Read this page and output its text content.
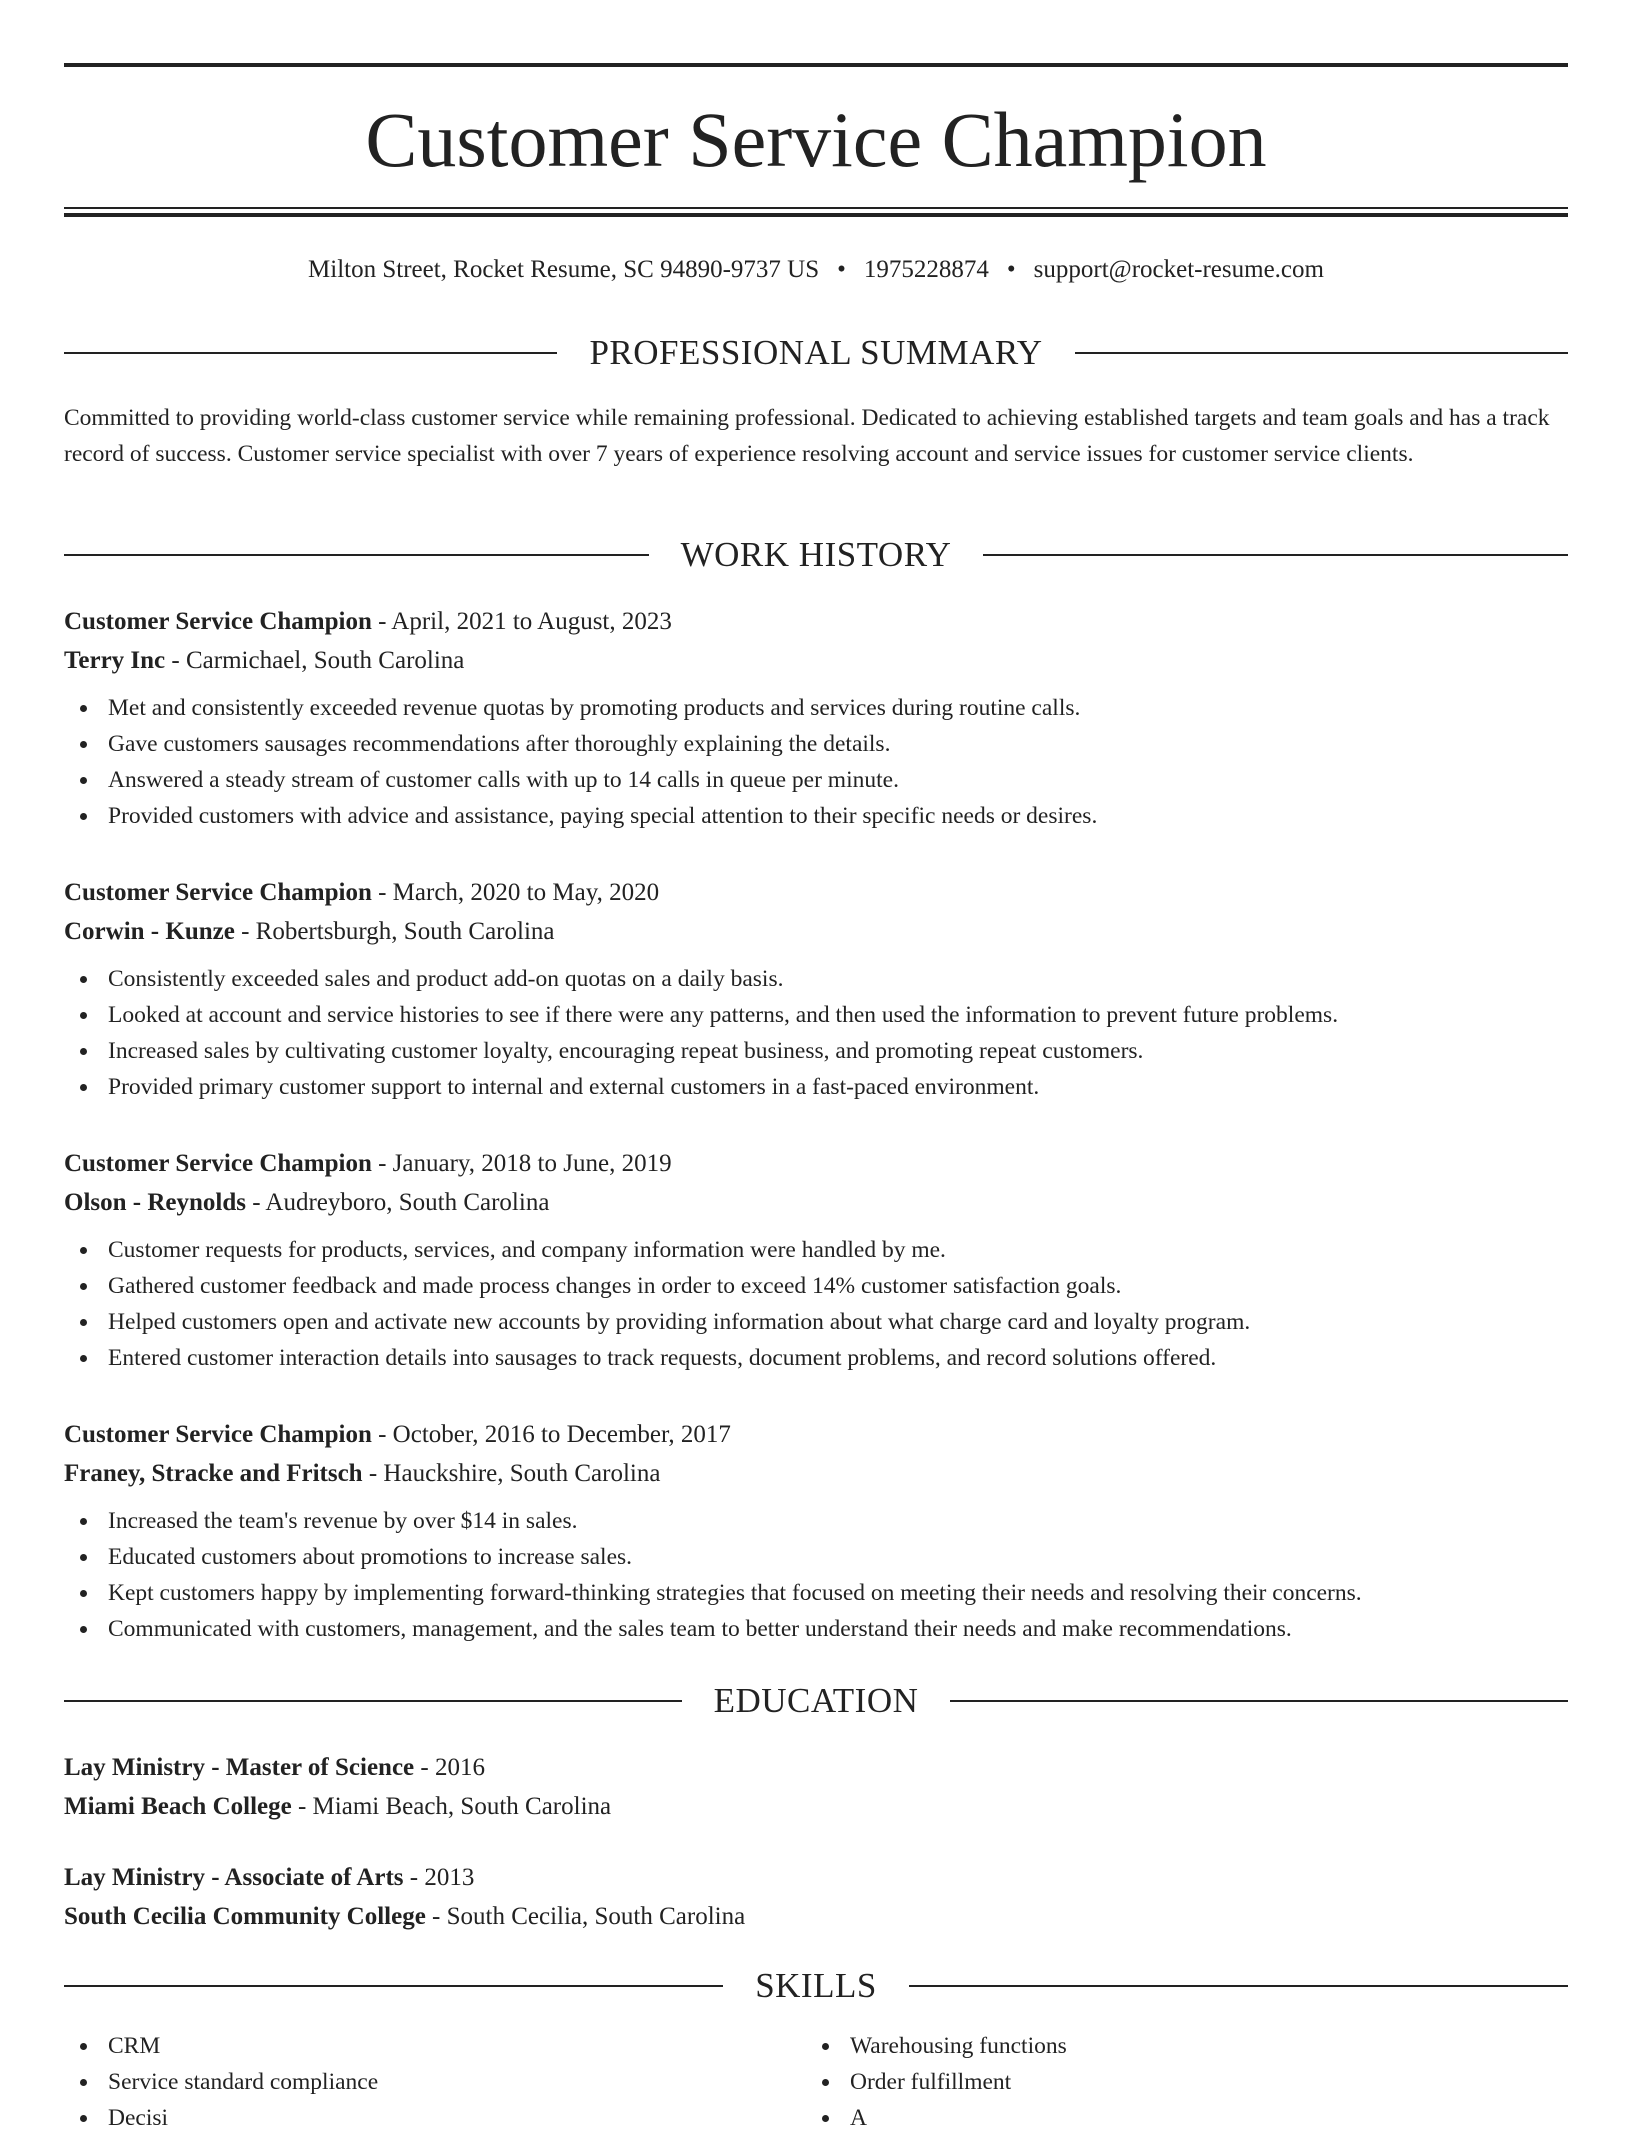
Customer Service Champion
Milton Street, Rocket Resume, SC 94890-9737 US • 1975228874 • support@rocket-resume.com
PROFESSIONAL SUMMARY

Committed to providing world-class customer service while remaining professional. Dedicated to achieving established targets and team goals and has a track record of success. Customer service specialist with over 7 years of experience resolving account and service issues for customer service clients.

WORK HISTORY
Customer Service Champion - April, 2021 to August, 2023
Terry Inc - Carmichael, South Carolina
Met and consistently exceeded revenue quotas by promoting products and services during routine calls.
Gave customers sausages recommendations after thoroughly explaining the details.
Answered a steady stream of customer calls with up to 14 calls in queue per minute.
Provided customers with advice and assistance, paying special attention to their specific needs or desires.
Customer Service Champion - March, 2020 to May, 2020
Corwin - Kunze - Robertsburgh, South Carolina
Consistently exceeded sales and product add-on quotas on a daily basis.
Looked at account and service histories to see if there were any patterns, and then used the information to prevent future problems.
Increased sales by cultivating customer loyalty, encouraging repeat business, and promoting repeat customers.
Provided primary customer support to internal and external customers in a fast-paced environment.
Customer Service Champion - January, 2018 to June, 2019
Olson - Reynolds - Audreyboro, South Carolina
Customer requests for products, services, and company information were handled by me.
Gathered customer feedback and made process changes in order to exceed 14% customer satisfaction goals.
Helped customers open and activate new accounts by providing information about what charge card and loyalty program.
Entered customer interaction details into sausages to track requests, document problems, and record solutions offered.
Customer Service Champion - October, 2016 to December, 2017
Franey, Stracke and Fritsch - Hauckshire, South Carolina
Increased the team's revenue by over $14 in sales.
Educated customers about promotions to increase sales.
Kept customers happy by implementing forward-thinking strategies that focused on meeting their needs and resolving their concerns.
Communicated with customers, management, and the sales team to better understand their needs and make recommendations.
EDUCATION
Lay Ministry - Master of Science - 2016
Miami Beach College - Miami Beach, South Carolina
Lay Ministry - Associate of Arts - 2013
South Cecilia Community College - South Cecilia, South Carolina
SKILLS
CRM
Service standard compliance
Decisi
Warehousing functions
Order fulfillment
A
